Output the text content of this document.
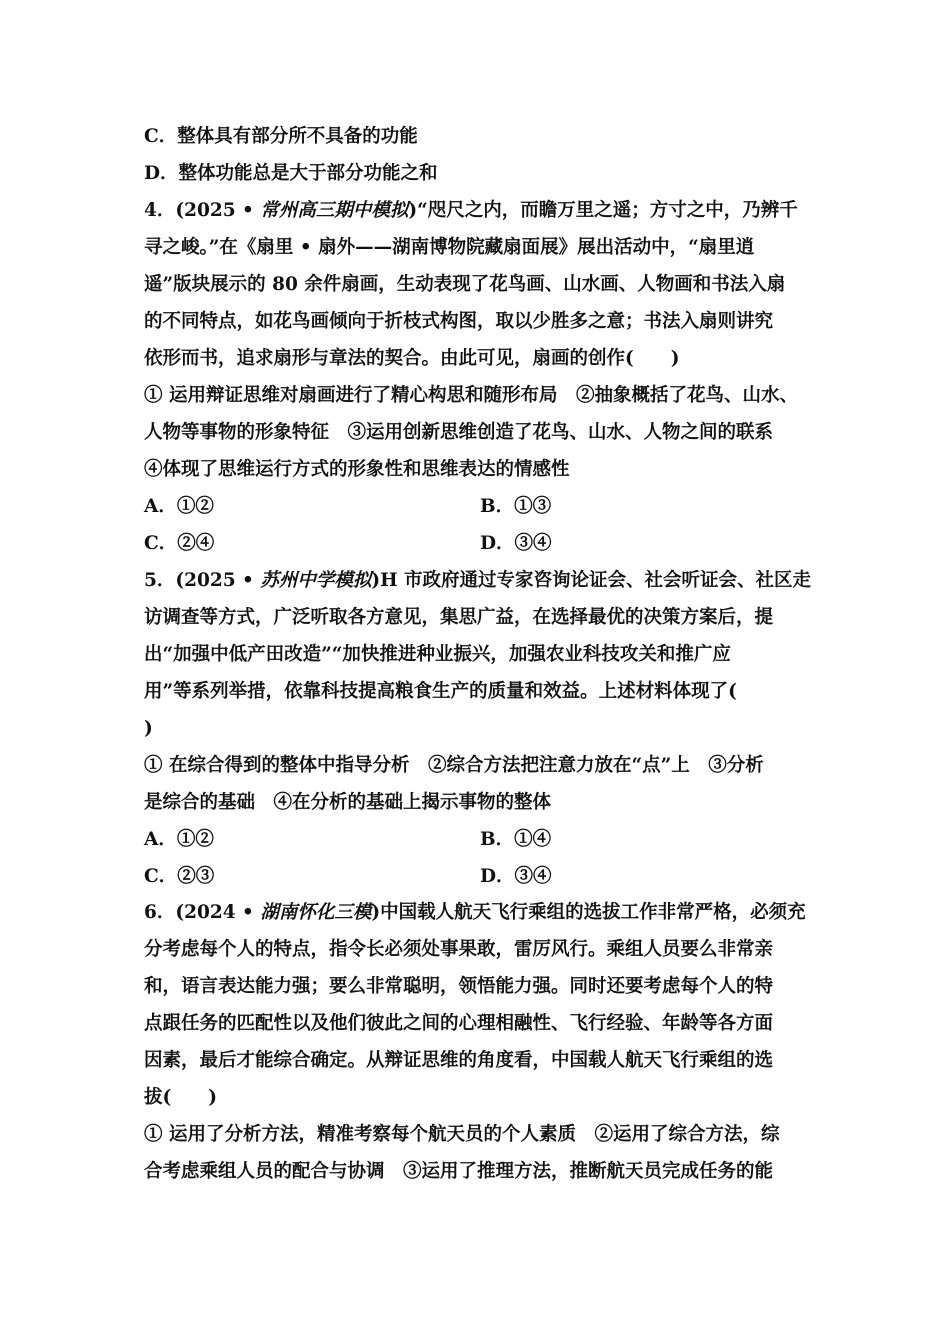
C．整体具有部分所不具备的功能
D．整体功能总是大于部分功能之和
4．(2025 • 常州高三期中模拟)“咫尺之内，而瞻万里之遥；方寸之中，乃辨千
寻之峻。”在《扇里 • 扇外——湖南博物院藏扇面展》展出活动中，“扇里逍
遥”版块展示的 80 余件扇画，生动表现了花鸟画、山水画、人物画和书法入扇
的不同特点，如花鸟画倾向于折枝式构图，取以少胜多之意；书法入扇则讲究
依形而书，追求扇形与章法的契合。由此可见，扇画的创作(　　)
① 运用辩证思维对扇画进行了精心构思和随形布局　②抽象概括了花鸟、山水、
人物等事物的形象特征　③运用创新思维创造了花鸟、山水、人物之间的联系
④体现了思维运行方式的形象性和思维表达的情感性
A．①②	B．①③
C．②④	D．③④
5．(2025 • 苏州中学模拟)H 市政府通过专家咨询论证会、社会听证会、社区走
访调查等方式，广泛听取各方意见，集思广益，在选择最优的决策方案后，提
出“加强中低产田改造”“加快推进种业振兴，加强农业科技攻关和推广应
用”等系列举措，依靠科技提高粮食生产的质量和效益。上述材料体现了(
)
① 在综合得到的整体中指导分析　②综合方法把注意力放在“点”上　③分析
是综合的基础　④在分析的基础上揭示事物的整体
A．①②	B．①④
C．②③	D．③④
6．(2024 • 湖南怀化三模)中国载人航天飞行乘组的选拔工作非常严格，必须充
分考虑每个人的特点，指令长必须处事果敢，雷厉风行。乘组人员要么非常亲
和，语言表达能力强；要么非常聪明，领悟能力强。同时还要考虑每个人的特
点跟任务的匹配性以及他们彼此之间的心理相融性、飞行经验、年龄等各方面
因素，最后才能综合确定。从辩证思维的角度看，中国载人航天飞行乘组的选
拔(　　)
① 运用了分析方法，精准考察每个航天员的个人素质　②运用了综合方法，综
合考虑乘组人员的配合与协调　③运用了推理方法，推断航天员完成任务的能
